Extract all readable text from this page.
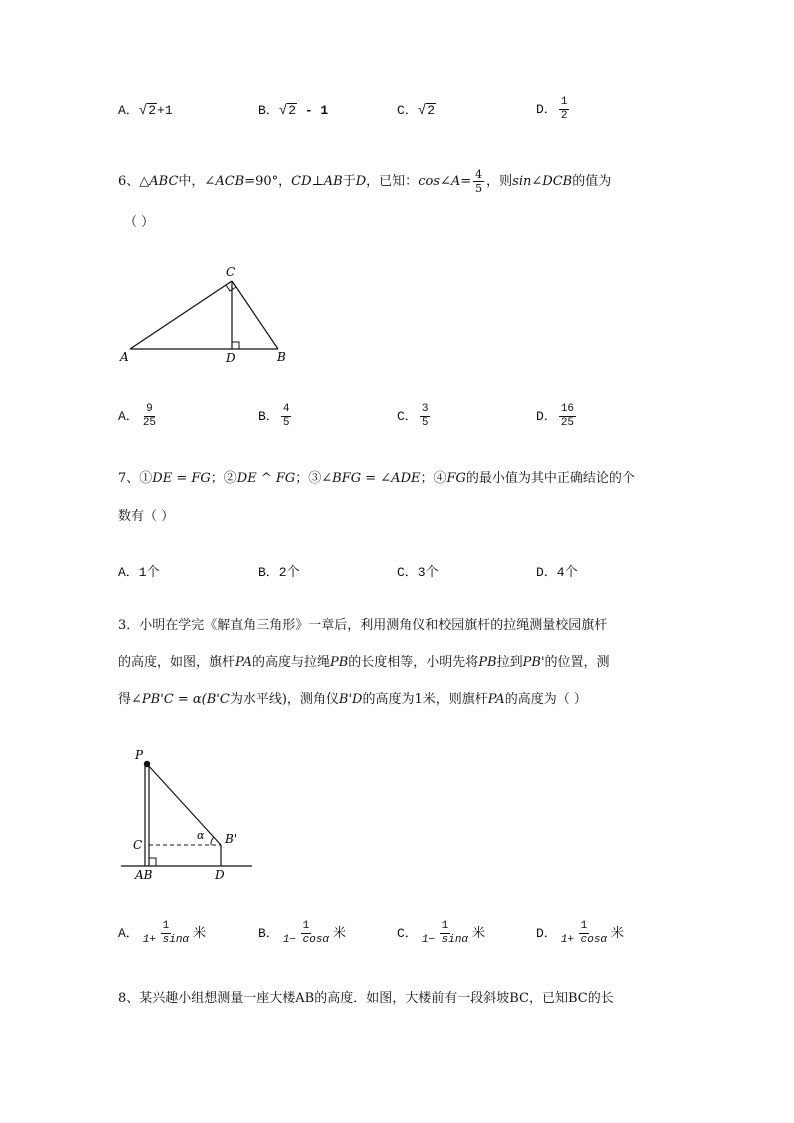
A．√2+1	B．√2 - 1	C．√2	D． $\frac{1}{2}$
6、△ABC中，∠ACB=90°，CD⊥AB于D，已知：cos∠A= $\frac{4}{5}$ ，则sin∠DCB的值为
（ ）
C
A	D	B
A． $\frac{9}{25}$	B． $\frac{4}{5}$	C． $\frac{3}{5}$	D． $\frac{16}{25}$
7、①DE = FG；②DE ^ FG；③∠BFG = ∠ADE；④FG的最小值为其中正确结论的个
数有（ ）
A．1个	B．2个	C．3个	D．4个
3．小明在学完《解直角三角形》一章后，利用测角仪和校园旗杆的拉绳测量校园旗杆
的高度，如图，旗杆PA的高度与拉绳PB的长度相等，小明先将PB拉到PB'的位置，测
得∠PB'C = α(B'C为水平线)，测角仪B'D的高度为1米，则旗杆PA的高度为（ ）
P
C
α B'
AB	D
A． $\frac{1}{1+ \sin\alpha}$ 米	B． $\frac{1}{1- \cos\alpha}$ 米	C． $\frac{1}{1- \sin\alpha}$ 米	D． $\frac{1}{1+ \cos\alpha}$ 米
8、某兴趣小组想测量一座大楼AB的高度．如图，大楼前有一段斜坡BC，已知BC的长
